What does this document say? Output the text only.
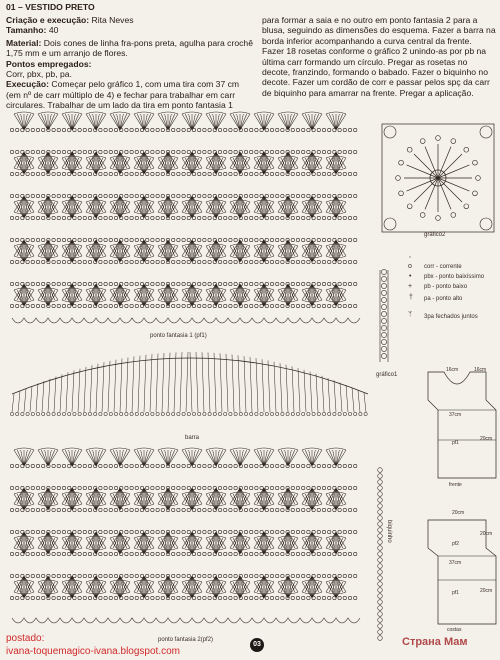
01 – VESTIDO PRETO
Criação e execução: Rita Neves
Tamanho: 40
Material: Dois cones de linha fra-pons preta, agulha para crochê 1,75 mm e um arranjo de flores.
Pontos empregados:
Corr, pbx, pb, pa.
Execução: Começar pelo gráfico 1, com uma tira com 37 cm (em nº de carr múltiplo de 4) e fechar para trabalhar em carr circulares. Trabalhar de um lado da tira em ponto fantasia 1
para formar a saia e no outro em ponto fantasia 2 para a blusa, seguindo as dimensões do esquema. Fazer a barra na borda inferior acompanhando a curva central da frente. Fazer 18 rosetas conforme o gráfico 2 unindo-as por pb na última carr formando um círculo. Pregar as rosetas no decote, franzindo, formando o babado. Fazer o biquinho no decote. Fazer um cordão de corr e passar pelos spç da carr de biquinho para amarrar na frente. Pregar a aplicação.
ponto fantasia 1 (pf1)
barra
ponto fantasia 2(pf2)
gráfico2
gráfico1
biquinho
o corr - corrente
• pbx - ponto baixíssimo
+ pb - ponto baixo
† pa - ponto alto
ᛘ 3pa fechados juntos
16cm	16cm
37cm
pf1
20cm
frente
20cm
pf2
20cm
37cm
pf1	20cm
costas
postado:
ivana-toquemagico-ivana.blogspot.com
03	Страна Мам
